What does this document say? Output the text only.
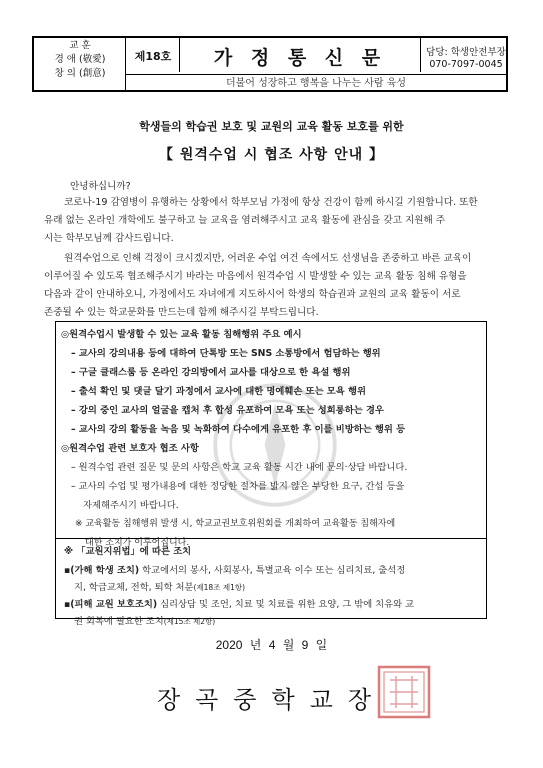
교 훈
경 애 (敬愛)
창 의 (創意)
제18호	가 정 통 신 문	담당: 학생안전부장
070-7097-0045
더불어 성장하고 행복을 나누는 사람 육성
학생들의 학습권 보호 및 교원의 교육 활동 보호를 위한
【 원격수업 시 협조 사항 안내 】
안녕하십니까?

코로나-19 감염병이 유행하는 상황에서 학부모님 가정에 항상 건강이 함께 하시길 기원합니다. 또한

유래 없는 온라인 개학에도 불구하고 늘 교육을 염려해주시고 교육 활동에 관심을 갖고 지원해 주

시는 학부모님께 감사드립니다.

원격수업으로 인해 걱정이 크시겠지만, 어려운 수업 여건 속에서도 선생님을 존중하고 바른 교육이

이루어질 수 있도록 협조해주시기 바라는 마음에서 원격수업 시 발생할 수 있는 교육 활동 침해 유형을

다음과 같이 안내하오니, 가정에서도 자녀에게 지도하시어 학생의 학습권과 교원의 교육 활동이 서로

존중될 수 있는 학교문화를 만드는데 함께 해주시길 부탁드립니다.

◎원격수업시 발생할 수 있는 교육 활동 침해행위 주요 예시
– 교사의 강의내용 등에 대하여 단톡방 또는 SNS 소통방에서 험담하는 행위
– 구글 클래스룸 등 온라인 강의방에서 교사를 대상으로 한 욕설 행위
– 출석 확인 및 댓글 달기 과정에서 교사에 대한 명예훼손 또는 모욕 행위
– 강의 중인 교사의 얼굴을 캡처 후 합성 유포하여 모욕 또는 성희롱하는 경우
– 교사의 강의 활동을 녹음 및 녹화하여 다수에게 유포한 후 이를 비방하는 행위 등
◎원격수업 관련 보호자 협조 사항
– 원격수업 관련 질문 및 문의 사항은 학교 교육 활동 시간 내에 문의·상담 바랍니다.
– 교사의 수업 및 평가내용에 대한 정당한 절차를 밟지 않은 부당한 요구, 간섭 등을
자제해주시기 바랍니다.
※ 교육활동 침해행위 발생 시, 학교교권보호위원회를 개최하여 교육활동 침해자에
대한 조치가 이루어집니다.
※ 「교원지위법」에 따른 조치
▪(가해 학생 조치) 학교에서의 봉사, 사회봉사, 특별교육 이수 또는 심리치료, 출석정
지, 학급교체, 전학, 퇴학 처분(제18조 제1항)
▪(피해 교원 보호조치) 심리상담 및 조언, 치료 및 치료를 위한 요양, 그 밖에 치유와 교
권 회복에 필요한 조치(제15조 제2항)
2020 년 4 월 9 일
장곡중학교장
